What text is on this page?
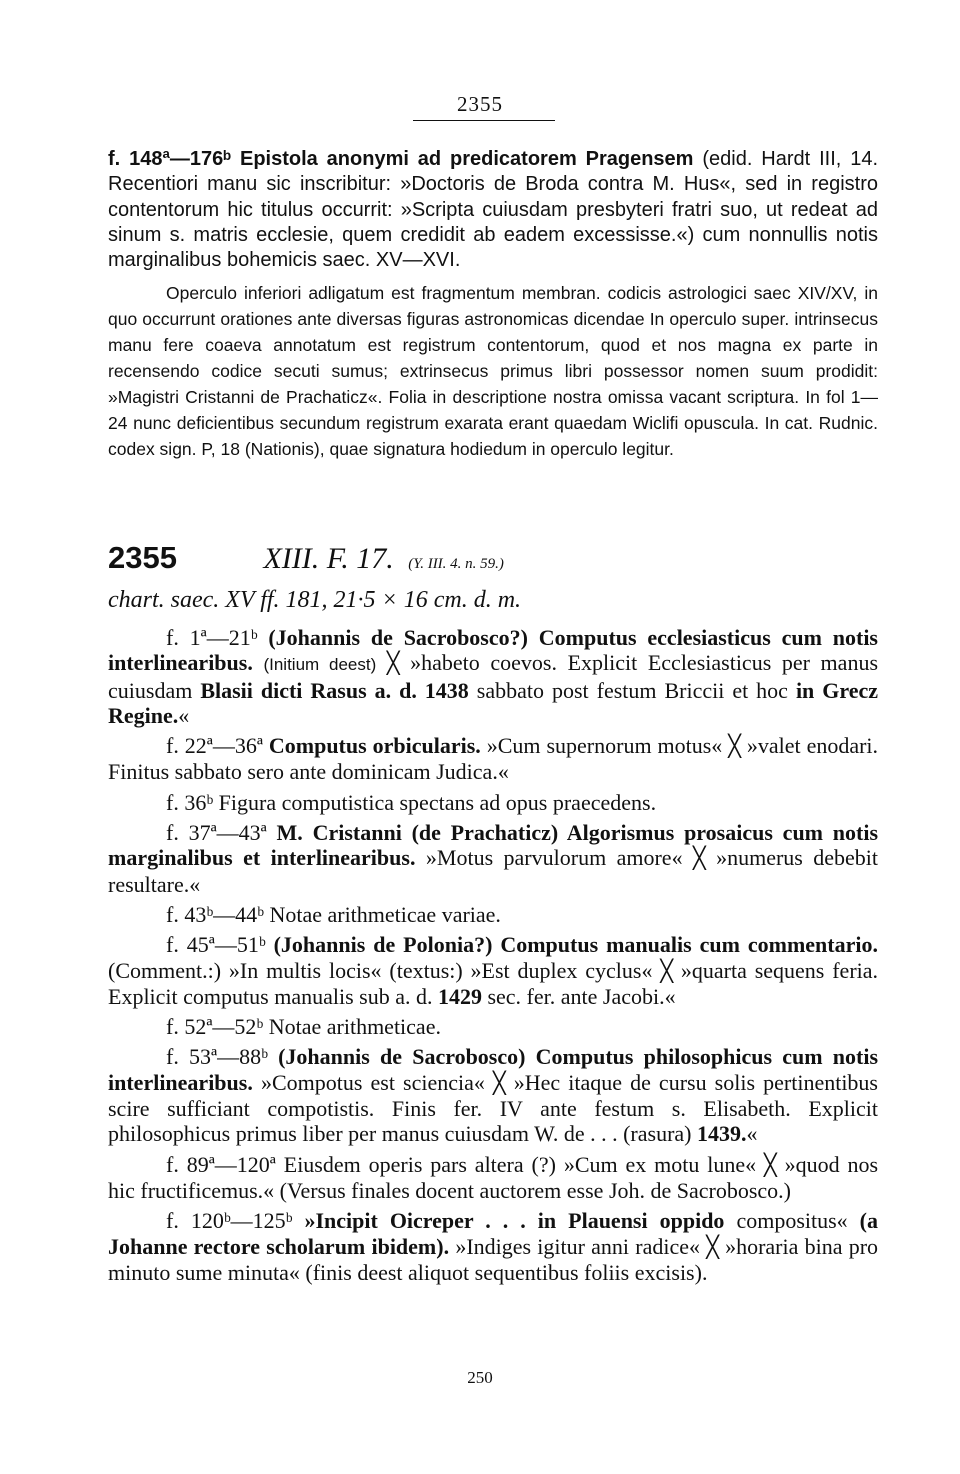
2355

f. 148ª—176ᵇ Epistola anonymi ad predicatorem Pragensem (edid. Hardt III, 14. Recentiori manu sic inscribitur: »Doctoris de Broda contra M. Hus«, sed in registro contentorum hic titulus occurrit: »Scripta cuiusdam presbyteri fratri suo, ut redeat ad sinum s. matris ecclesie, quem credidit ab eadem excessisse.«) cum nonnullis notis marginalibus bohemicis saec. XV—XVI.

Operculo inferiori adligatum est fragmentum membran. codicis astrologici saec XIV/XV, in quo occurrunt orationes ante diversas figuras astronomicas dicendae In operculo super. intrinsecus manu fere coaeva annotatum est registrum contentorum, quod et nos magna ex parte in recensendo codice secuti sumus; extrinsecus primus libri possessor nomen suum prodidit: »Magistri Cristanni de Prachaticz«. Folia in descriptione nostra omissa vacant scriptura. In fol 1—24 nunc deficientibus secundum registrum exarata erant quaedam Wiclifi opuscula. In cat. Rudnic. codex sign. P, 18 (Nationis), quae signatura hodiedum in operculo legitur.

2355	XIII. F. 17. (Y. III. 4. n. 59.)
chart. saec. XV ff. 181, 21·5 × 16 cm. d. m.

f. 1ª—21ᵇ (Johannis de Sacrobosco?) Computus ecclesiasticus cum notis interlinearibus. (Initium deest) ╳ »habeto coevos. Explicit Ecclesiasticus per manus cuiusdam Blasii dicti Rasus a. d. 1438 sabbato post festum Briccii et hoc in Grecz Regine.«

f. 22ª—36ª Computus orbicularis. »Cum supernorum motus« ╳ »valet enodari. Finitus sabbato sero ante dominicam Judica.«

f. 36ᵇ Figura computistica spectans ad opus praecedens.

f. 37ª—43ª M. Cristanni (de Prachaticz) Algorismus prosaicus cum notis marginalibus et interlinearibus. »Motus parvulorum amore« ╳ »numerus debebit resultare.«

f. 43ᵇ—44ᵇ Notae arithmeticae variae.

f. 45ª—51ᵇ (Johannis de Polonia?) Computus manualis cum commentario. (Comment.:) »In multis locis« (textus:) »Est duplex cyclus« ╳ »quarta sequens feria. Explicit computus manualis sub a. d. 1429 sec. fer. ante Jacobi.«

f. 52ª—52ᵇ Notae arithmeticae.

f. 53ª—88ᵇ (Johannis de Sacrobosco) Computus philosophicus cum notis interlinearibus. »Compotus est sciencia« ╳ »Hec itaque de cursu solis pertinentibus scire sufficiant compotistis. Finis fer. IV ante festum s. Elisabeth. Explicit philosophicus primus liber per manus cuiusdam W. de . . . (rasura) 1439.«

f. 89ª—120ª Eiusdem operis pars altera (?) »Cum ex motu lune« ╳ »quod nos hic fructificemus.« (Versus finales docent auctorem esse Joh. de Sacrobosco.)

f. 120ᵇ—125ᵇ »Incipit Oicreper . . . in Plauensi oppido compositus« (a Johanne rectore scholarum ibidem). »Indiges igitur anni radice« ╳ »horaria bina pro minuto sume minuta« (finis deest aliquot sequentibus foliis excisis).

250
